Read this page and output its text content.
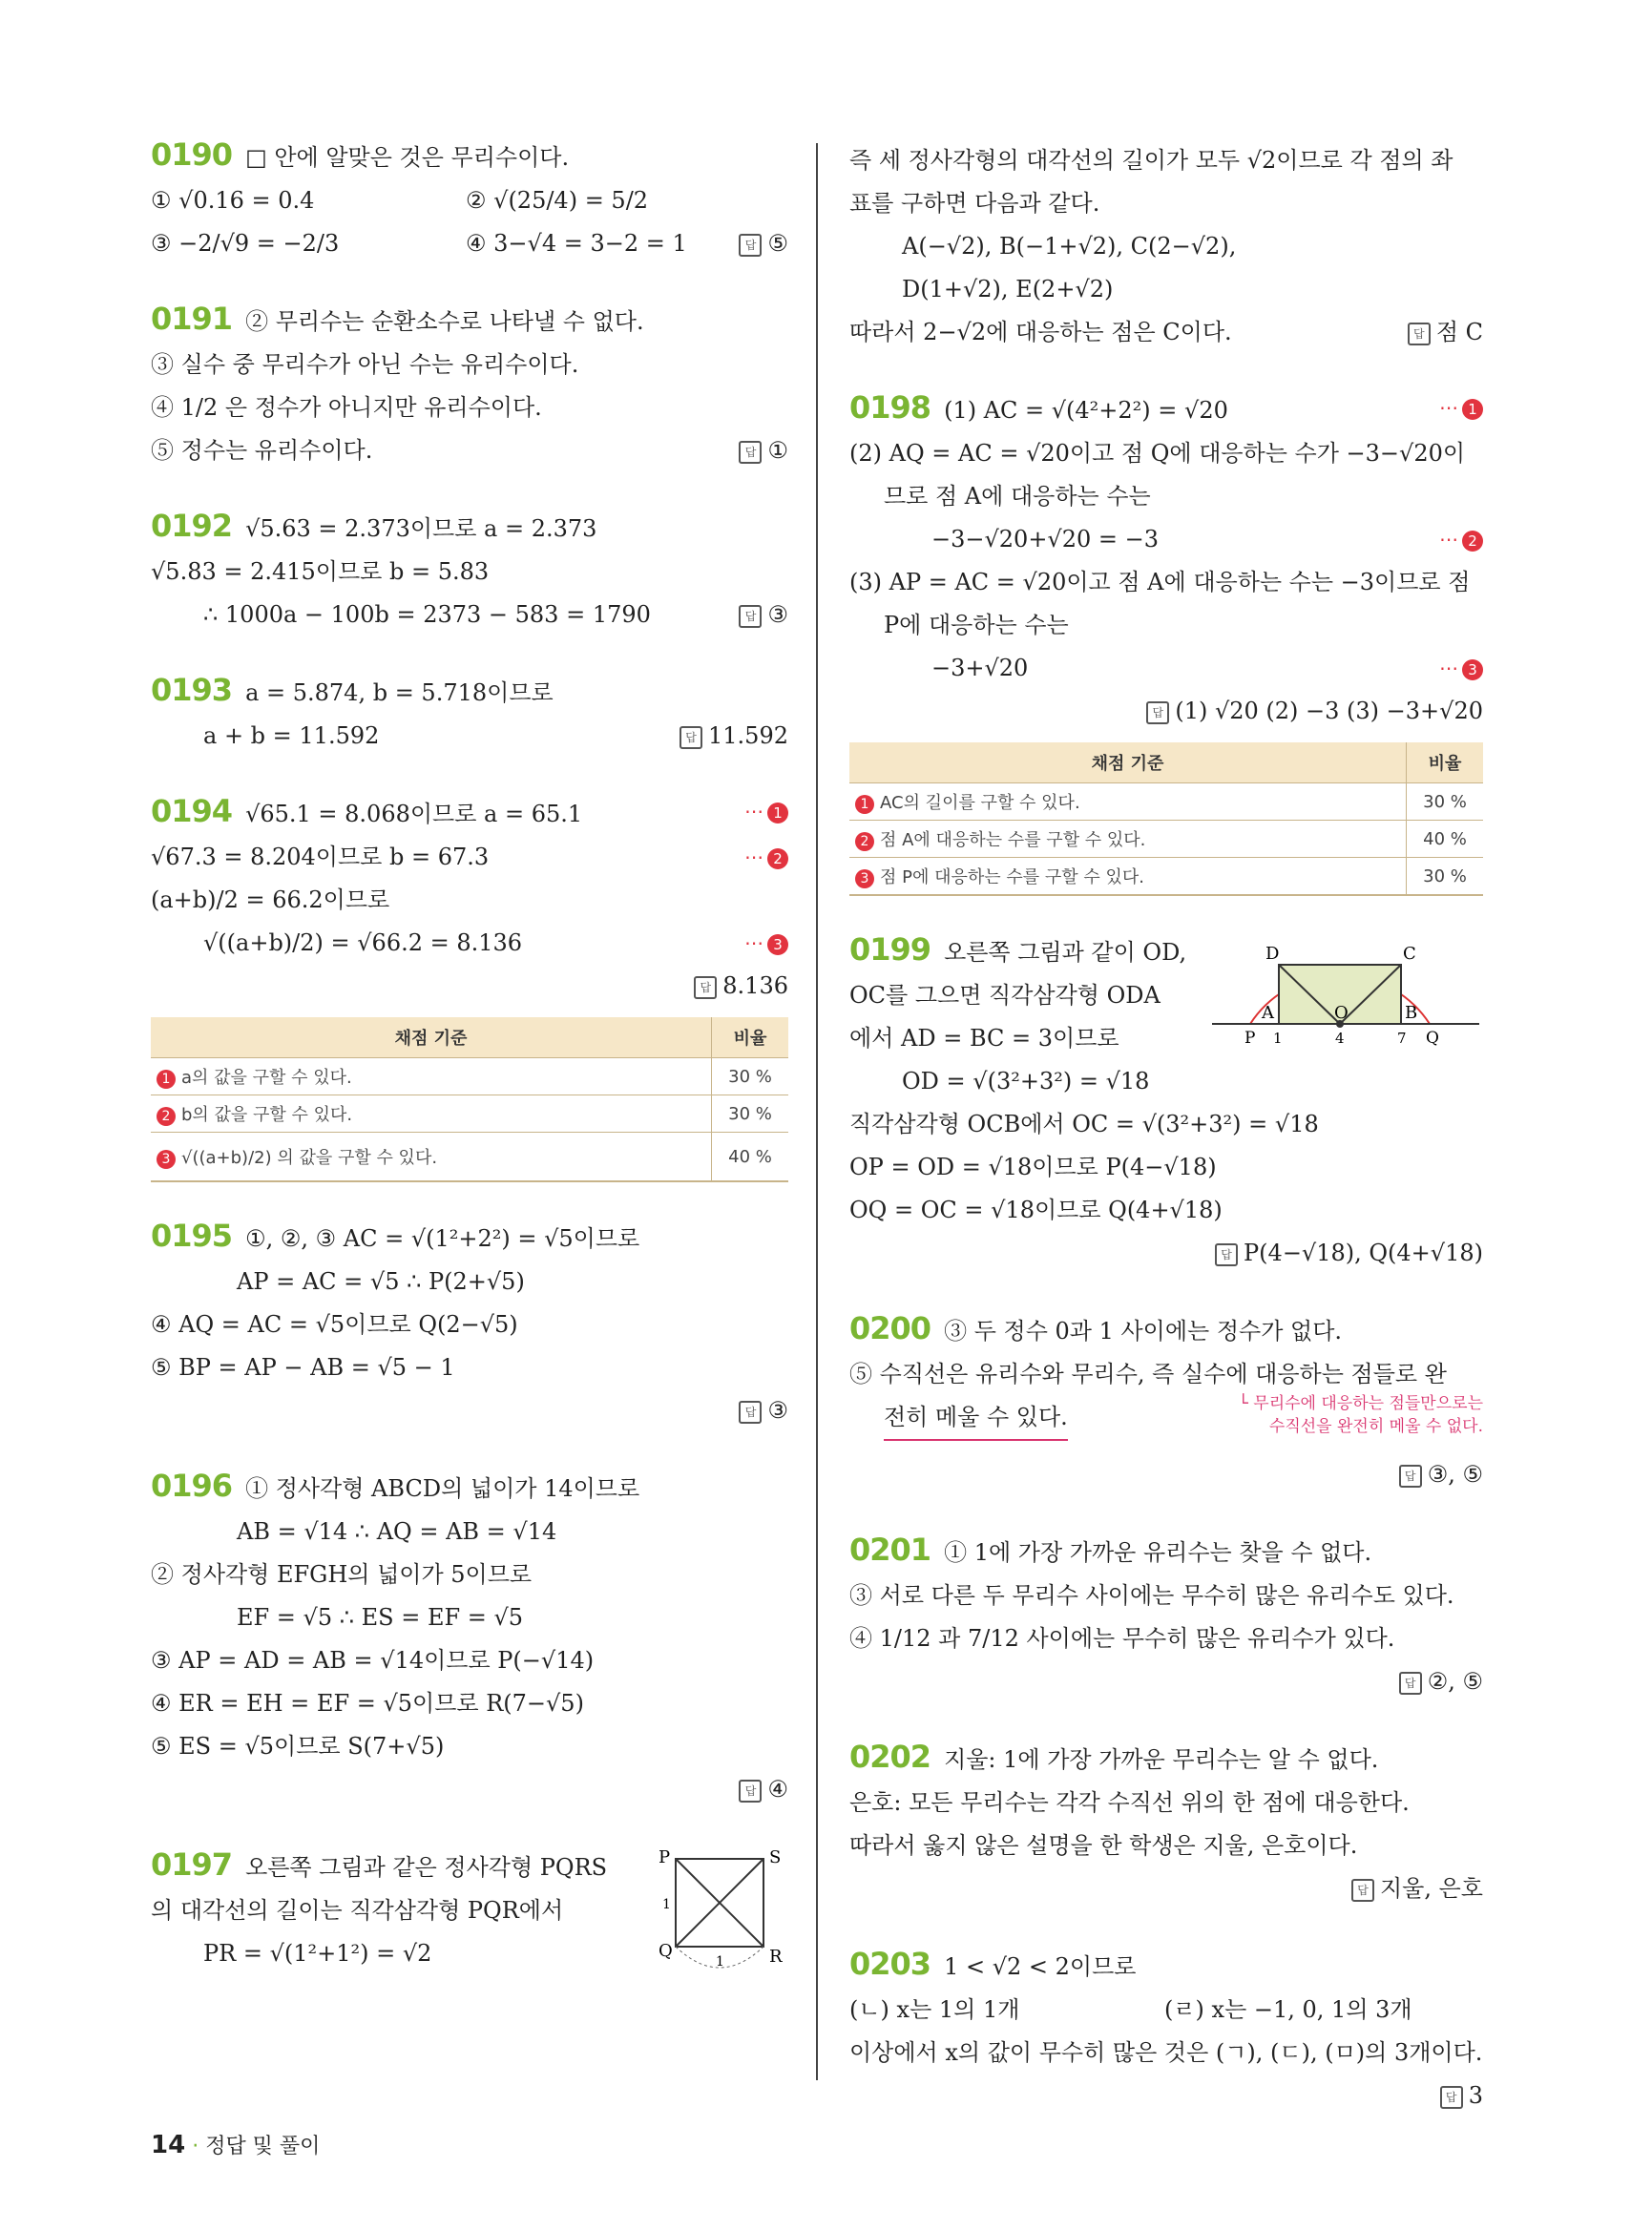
0190 □ 안에 알맞은 것은 무리수이다.
① √0.16 = 0.4	② √(25/4) = 5/2
③ −2/√9 = −2/3	④ 3−√4 = 3−2 = 1	답 ⑤
0191 ② 무리수는 순환소수로 나타낼 수 없다.
③ 실수 중 무리수가 아닌 수는 유리수이다.
④ 1/2 은 정수가 아니지만 유리수이다.
⑤ 정수는 유리수이다.	답 ①
0192 √5.63 = 2.373이므로 a = 2.373
√5.83 = 2.415이므로 b = 5.83
∴ 1000a − 100b = 2373 − 583 = 1790	답 ③
0193 a = 5.874, b = 5.718이므로
a + b = 11.592	답 11.592
0194 √65.1 = 8.068이므로 a = 65.1	⋯ 1
√67.3 = 8.204이므로 b = 67.3	⋯ 2
(a+b)/2 = 66.2이므로
√((a+b)/2) = √66.2 = 8.136	⋯ 3
답 8.136
채점 기준	비율
1 a의 값을 구할 수 있다.	30 %
2 b의 값을 구할 수 있다.	30 %
3 √((a+b)/2) 의 값을 구할 수 있다.	40 %
0195 ①, ②, ③ AC = √(1²+2²) = √5이므로
AP = AC = √5 ∴ P(2+√5)
④ AQ = AC = √5이므로 Q(2−√5)
⑤ BP = AP − AB = √5 − 1
답 ③
0196 ① 정사각형 ABCD의 넓이가 14이므로
AB = √14 ∴ AQ = AB = √14
② 정사각형 EFGH의 넓이가 5이므로
EF = √5 ∴ ES = EF = √5
③ AP = AD = AB = √14이므로 P(−√14)
④ ER = EH = EF = √5이므로 R(7−√5)
⑤ ES = √5이므로 S(7+√5)
답 ④
0197 오른쪽 그림과 같은 정사각형 PQRS
의 대각선의 길이는 직각삼각형 PQR에서
PR = √(1²+1²) = √2
P	S
Q	R
1
1
즉 세 정사각형의 대각선의 길이가 모두 √2이므로 각 점의 좌
표를 구하면 다음과 같다.
A(−√2), B(−1+√2), C(2−√2),
D(1+√2), E(2+√2)
따라서 2−√2에 대응하는 점은 C이다.	답 점 C
0198 (1) AC = √(4²+2²) = √20	⋯ 1
(2) AQ = AC = √20이고 점 Q에 대응하는 수가 −3−√20이
므로 점 A에 대응하는 수는
−3−√20+√20 = −3	⋯ 2
(3) AP = AC = √20이고 점 A에 대응하는 수는 −3이므로 점
P에 대응하는 수는
−3+√20	⋯ 3
답 (1) √20 (2) −3 (3) −3+√20
채점 기준	비율
1 AC의 길이를 구할 수 있다.	30 %
2 점 A에 대응하는 수를 구할 수 있다.	40 %
3 점 P에 대응하는 수를 구할 수 있다.	30 %
0199 오른쪽 그림과 같이 OD,
OC를 그으면 직각삼각형 ODA
에서 AD = BC = 3이므로
OD = √(3²+3²) = √18
직각삼각형 OCB에서 OC = √(3²+3²) = √18
OP = OD = √18이므로 P(4−√18)
OQ = OC = √18이므로 Q(4+√18)
답 P(4−√18), Q(4+√18)
D	C
A	O	B
P 1	4	7 Q
0200 ③ 두 정수 0과 1 사이에는 정수가 없다.
⑤ 수직선은 유리수와 무리수, 즉 실수에 대응하는 점들로 완
전히 메울 수 있다.	└ 무리수에 대응하는 점들만으로는
수직선을 완전히 메울 수 없다.
답 ③, ⑤
0201 ① 1에 가장 가까운 유리수는 찾을 수 없다.
③ 서로 다른 두 무리수 사이에는 무수히 많은 유리수도 있다.
④ 1/12 과 7/12 사이에는 무수히 많은 유리수가 있다.
답 ②, ⑤
0202 지울: 1에 가장 가까운 무리수는 알 수 없다.
은호: 모든 무리수는 각각 수직선 위의 한 점에 대응한다.
따라서 옳지 않은 설명을 한 학생은 지울, 은호이다.
답 지울, 은호
0203 1 < √2 < 2이므로
(ㄴ) x는 1의 1개	(ㄹ) x는 −1, 0, 1의 3개
이상에서 x의 값이 무수히 많은 것은 (ㄱ), (ㄷ), (ㅁ)의 3개이다.
답 3
14 · 정답 및 풀이
